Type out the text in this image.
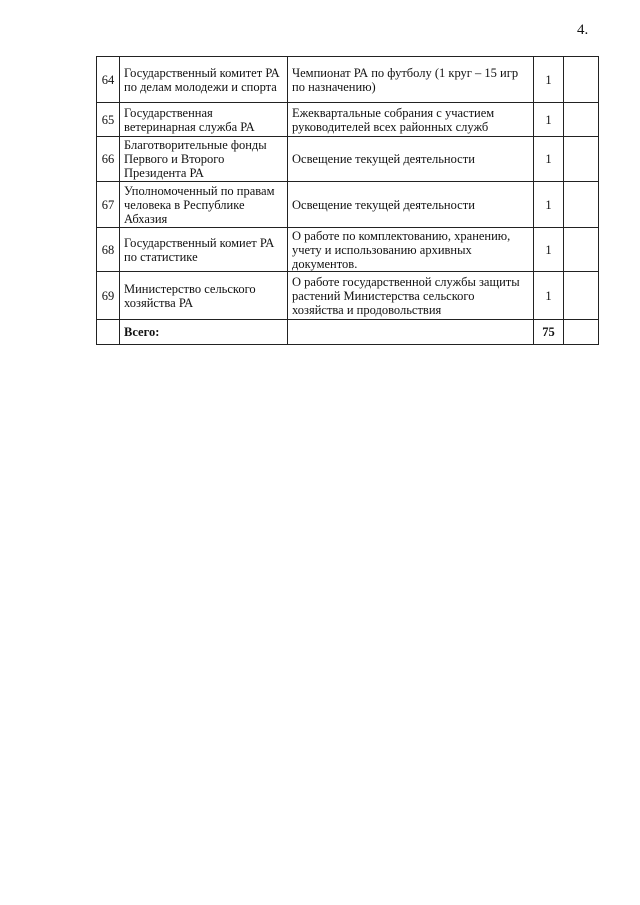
4.
64	Государственный комитет РА по делам молодежи и спорта	Чемпионат РА по футболу (1 круг – 15 игр по назначению)	1	
65	Государственная ветеринарная служба РА	Ежеквартальные собрания с участием руководителей всех районных служб	1	
66	Благотворительные фонды Первого и Второго Президента РА	Освещение текущей деятельности	1	
67	Уполномоченный по правам человека в Республике Абхазия	Освещение текущей деятельности	1	
68	Государственный комиет РА по статистике	О работе по комплектованию, хранению, учету и использованию архивных документов.	1	
69	Министерство сельского хозяйства РА	О работе государственной службы защиты растений Министерства сельского хозяйства и продовольствия	1	
	Всего:		75	
